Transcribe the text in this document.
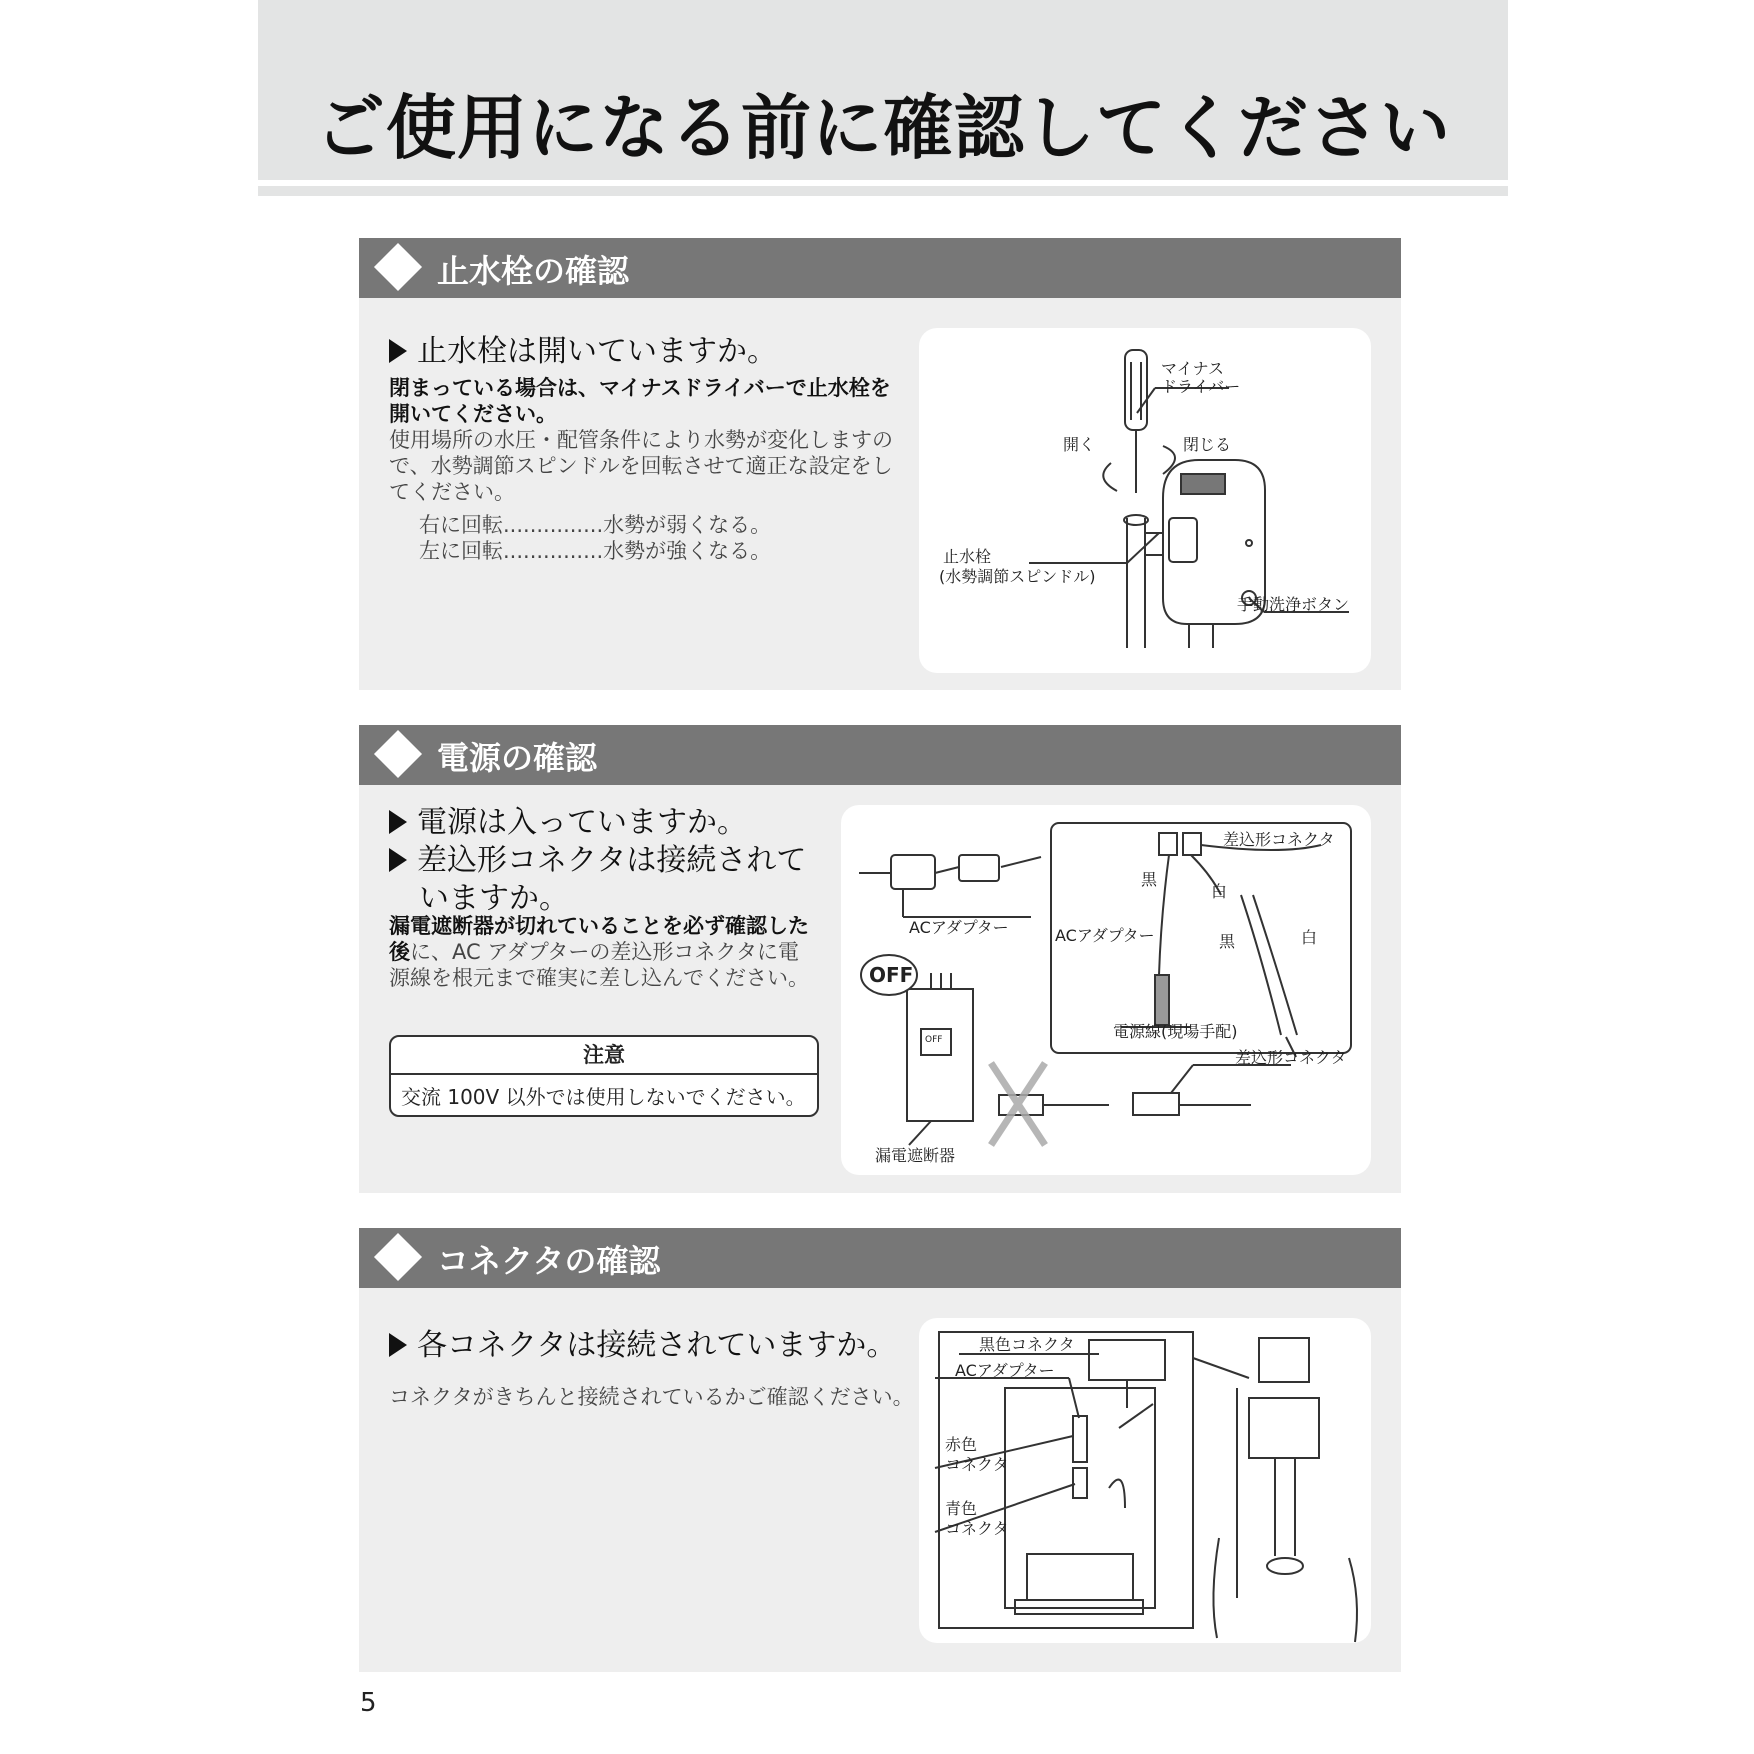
ご使用になる前に確認してください
止水栓の確認
止水栓は開いていますか。
閉まっている場合は、マイナスドライバーで止水栓を
開いてください。
使用場所の水圧・配管条件により水勢が変化しますの
で、水勢調節スピンドルを回転させて適正な設定をし
てください。
右に回転...............水勢が弱くなる。
左に回転...............水勢が強くなる。
マイナス
ドライバー
開く	閉じる
止水栓
(水勢調節スピンドル)
手動洗浄ボタン
電源の確認
電源は入っていますか。
差込形コネクタは接続されて
いますか。
漏電遮断器が切れていることを必ず確認した
後に、AC アダプターの差込形コネクタに電
源線を根元まで確実に差し込んでください。
注意
交流 100V 以外では使用しないでください。
ACアダプター
差込形コネクタ
黒
白
ACアダプター	黒	白
電源線(現場手配)
OFF
OFF
漏電遮断器
差込形コネクタ
コネクタの確認
各コネクタは接続されていますか。
コネクタがきちんと接続されているかご確認ください。
黒色コネクタ
ACアダプター
赤色
コネクタ
青色
コネクタ
5
